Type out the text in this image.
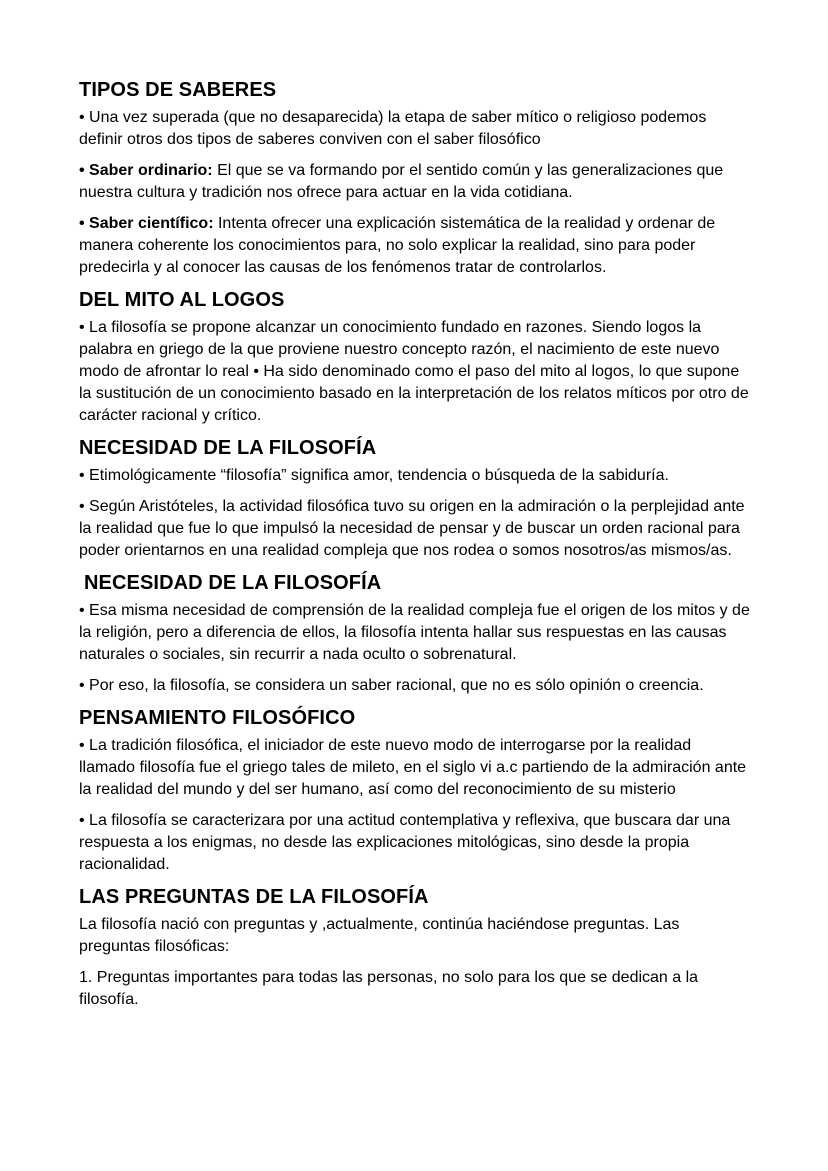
TIPOS DE SABERES

• Una vez superada (que no desaparecida) la etapa de saber mítico o religioso podemos definir otros dos tipos de saberes conviven con el saber filosófico

• Saber ordinario: El que se va formando por el sentido común y las generalizaciones que nuestra cultura y tradición nos ofrece para actuar en la vida cotidiana.

• Saber científico: Intenta ofrecer una explicación sistemática de la realidad y ordenar de manera coherente los conocimientos para, no solo explicar la realidad, sino para poder predecirla y al conocer las causas de los fenómenos tratar de controlarlos.

DEL MITO AL LOGOS

• La filosofía se propone alcanzar un conocimiento fundado en razones. Siendo logos la palabra en griego de la que proviene nuestro concepto razón, el nacimiento de este nuevo modo de afrontar lo real • Ha sido denominado como el paso del mito al logos, lo que supone la sustitución de un conocimiento basado en la interpretación de los relatos míticos por otro de carácter racional y crítico.

NECESIDAD DE LA FILOSOFÍA

• Etimológicamente “filosofía” significa amor, tendencia o búsqueda de la sabiduría.

• Según Aristóteles, la actividad filosófica tuvo su origen en la admiración o la perplejidad ante la realidad que fue lo que impulsó la necesidad de pensar y de buscar un orden racional para poder orientarnos en una realidad compleja que nos rodea o somos nosotros/as mismos/as.

NECESIDAD DE LA FILOSOFÍA

• Esa misma necesidad de comprensión de la realidad compleja fue el origen de los mitos y de la religión, pero a diferencia de ellos, la filosofía intenta hallar sus respuestas en las causas naturales o sociales, sin recurrir a nada oculto o sobrenatural.

• Por eso, la filosofía, se considera un saber racional, que no es sólo opinión o creencia.

PENSAMIENTO FILOSÓFICO

• La tradición filosófica, el iniciador de este nuevo modo de interrogarse por la realidad llamado filosofía fue el griego tales de mileto, en el siglo vi a.c partiendo de la admiración ante la realidad del mundo y del ser humano, así como del reconocimiento de su misterio

• La filosofía se caracterizara por una actitud contemplativa y reflexiva, que buscara dar una respuesta a los enigmas, no desde las explicaciones mitológicas, sino desde la propia racionalidad.

LAS PREGUNTAS DE LA FILOSOFÍA

La filosofía nació con preguntas y ,actualmente, continúa haciéndose preguntas. Las preguntas filosóficas:

1. Preguntas importantes para todas las personas, no solo para los que se dedican a la filosofía.
